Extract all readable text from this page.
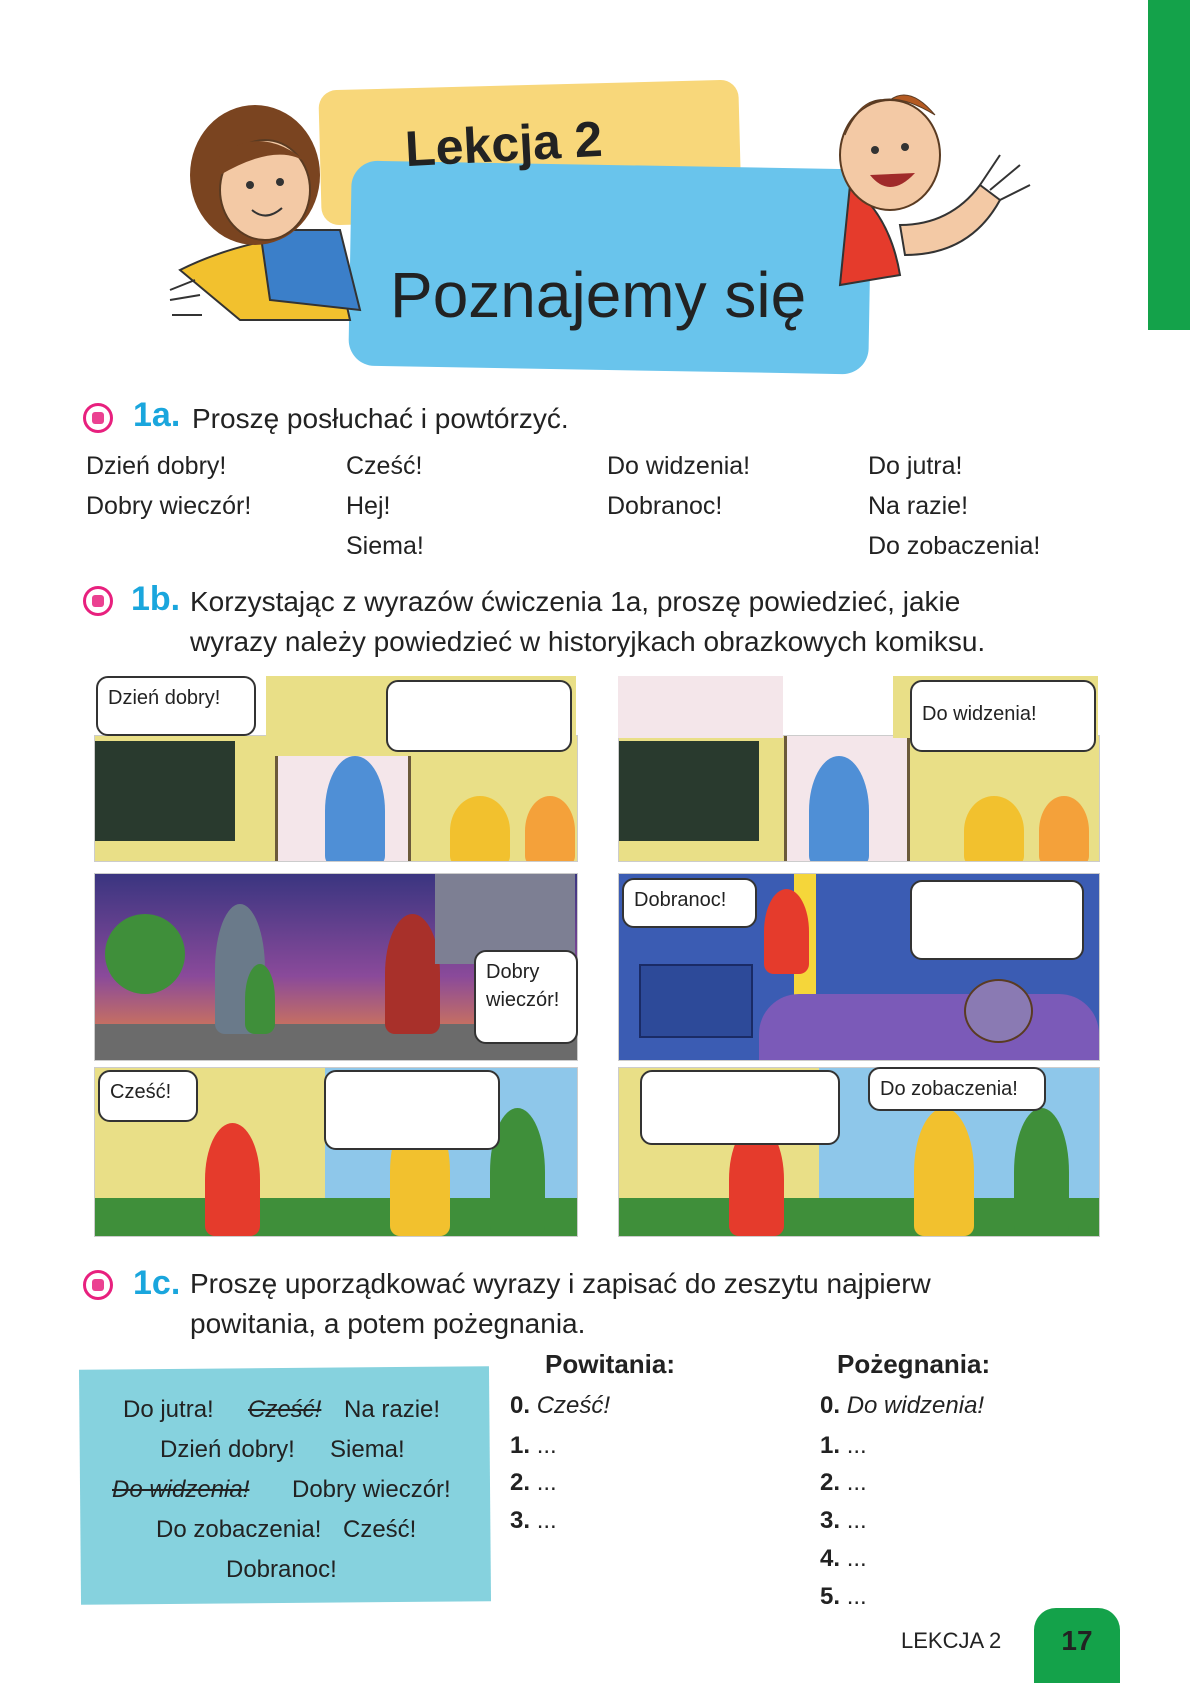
Lekcja 2
Poznajemy się
1a. Proszę posłuchać i powtórzyć.
Dzień dobry!
Dobry wieczór!
Cześć!
Hej!
Siema!
Do widzenia!
Dobranoc!
Do jutra!
Na razie!
Do zobaczenia!
1b. Korzystając z wyrazów ćwiczenia 1a, proszę powiedzieć, jakie
wyrazy należy powiedzieć w historyjkach obrazkowych komiksu.
Dzień dobry!
Do widzenia!
Dobry
wieczór!
Dobranoc!
Cześć!	Do zobaczenia!
1c. Proszę uporządkować wyrazy i zapisać do zeszytu najpierw
powitania, a potem pożegnania.
Do jutra! Cześć! Na razie!
Dzień dobry! Siema!
Do widzenia! Dobry wieczór!
Do zobaczenia! Cześć!
Dobranoc!
Powitania:
0. Cześć!
1. ...
2. ...
3. ...
Pożegnania:
0. Do widzenia!
1. ...
2. ...
3. ...
4. ...
5. ...
LEKCJA 2	17
